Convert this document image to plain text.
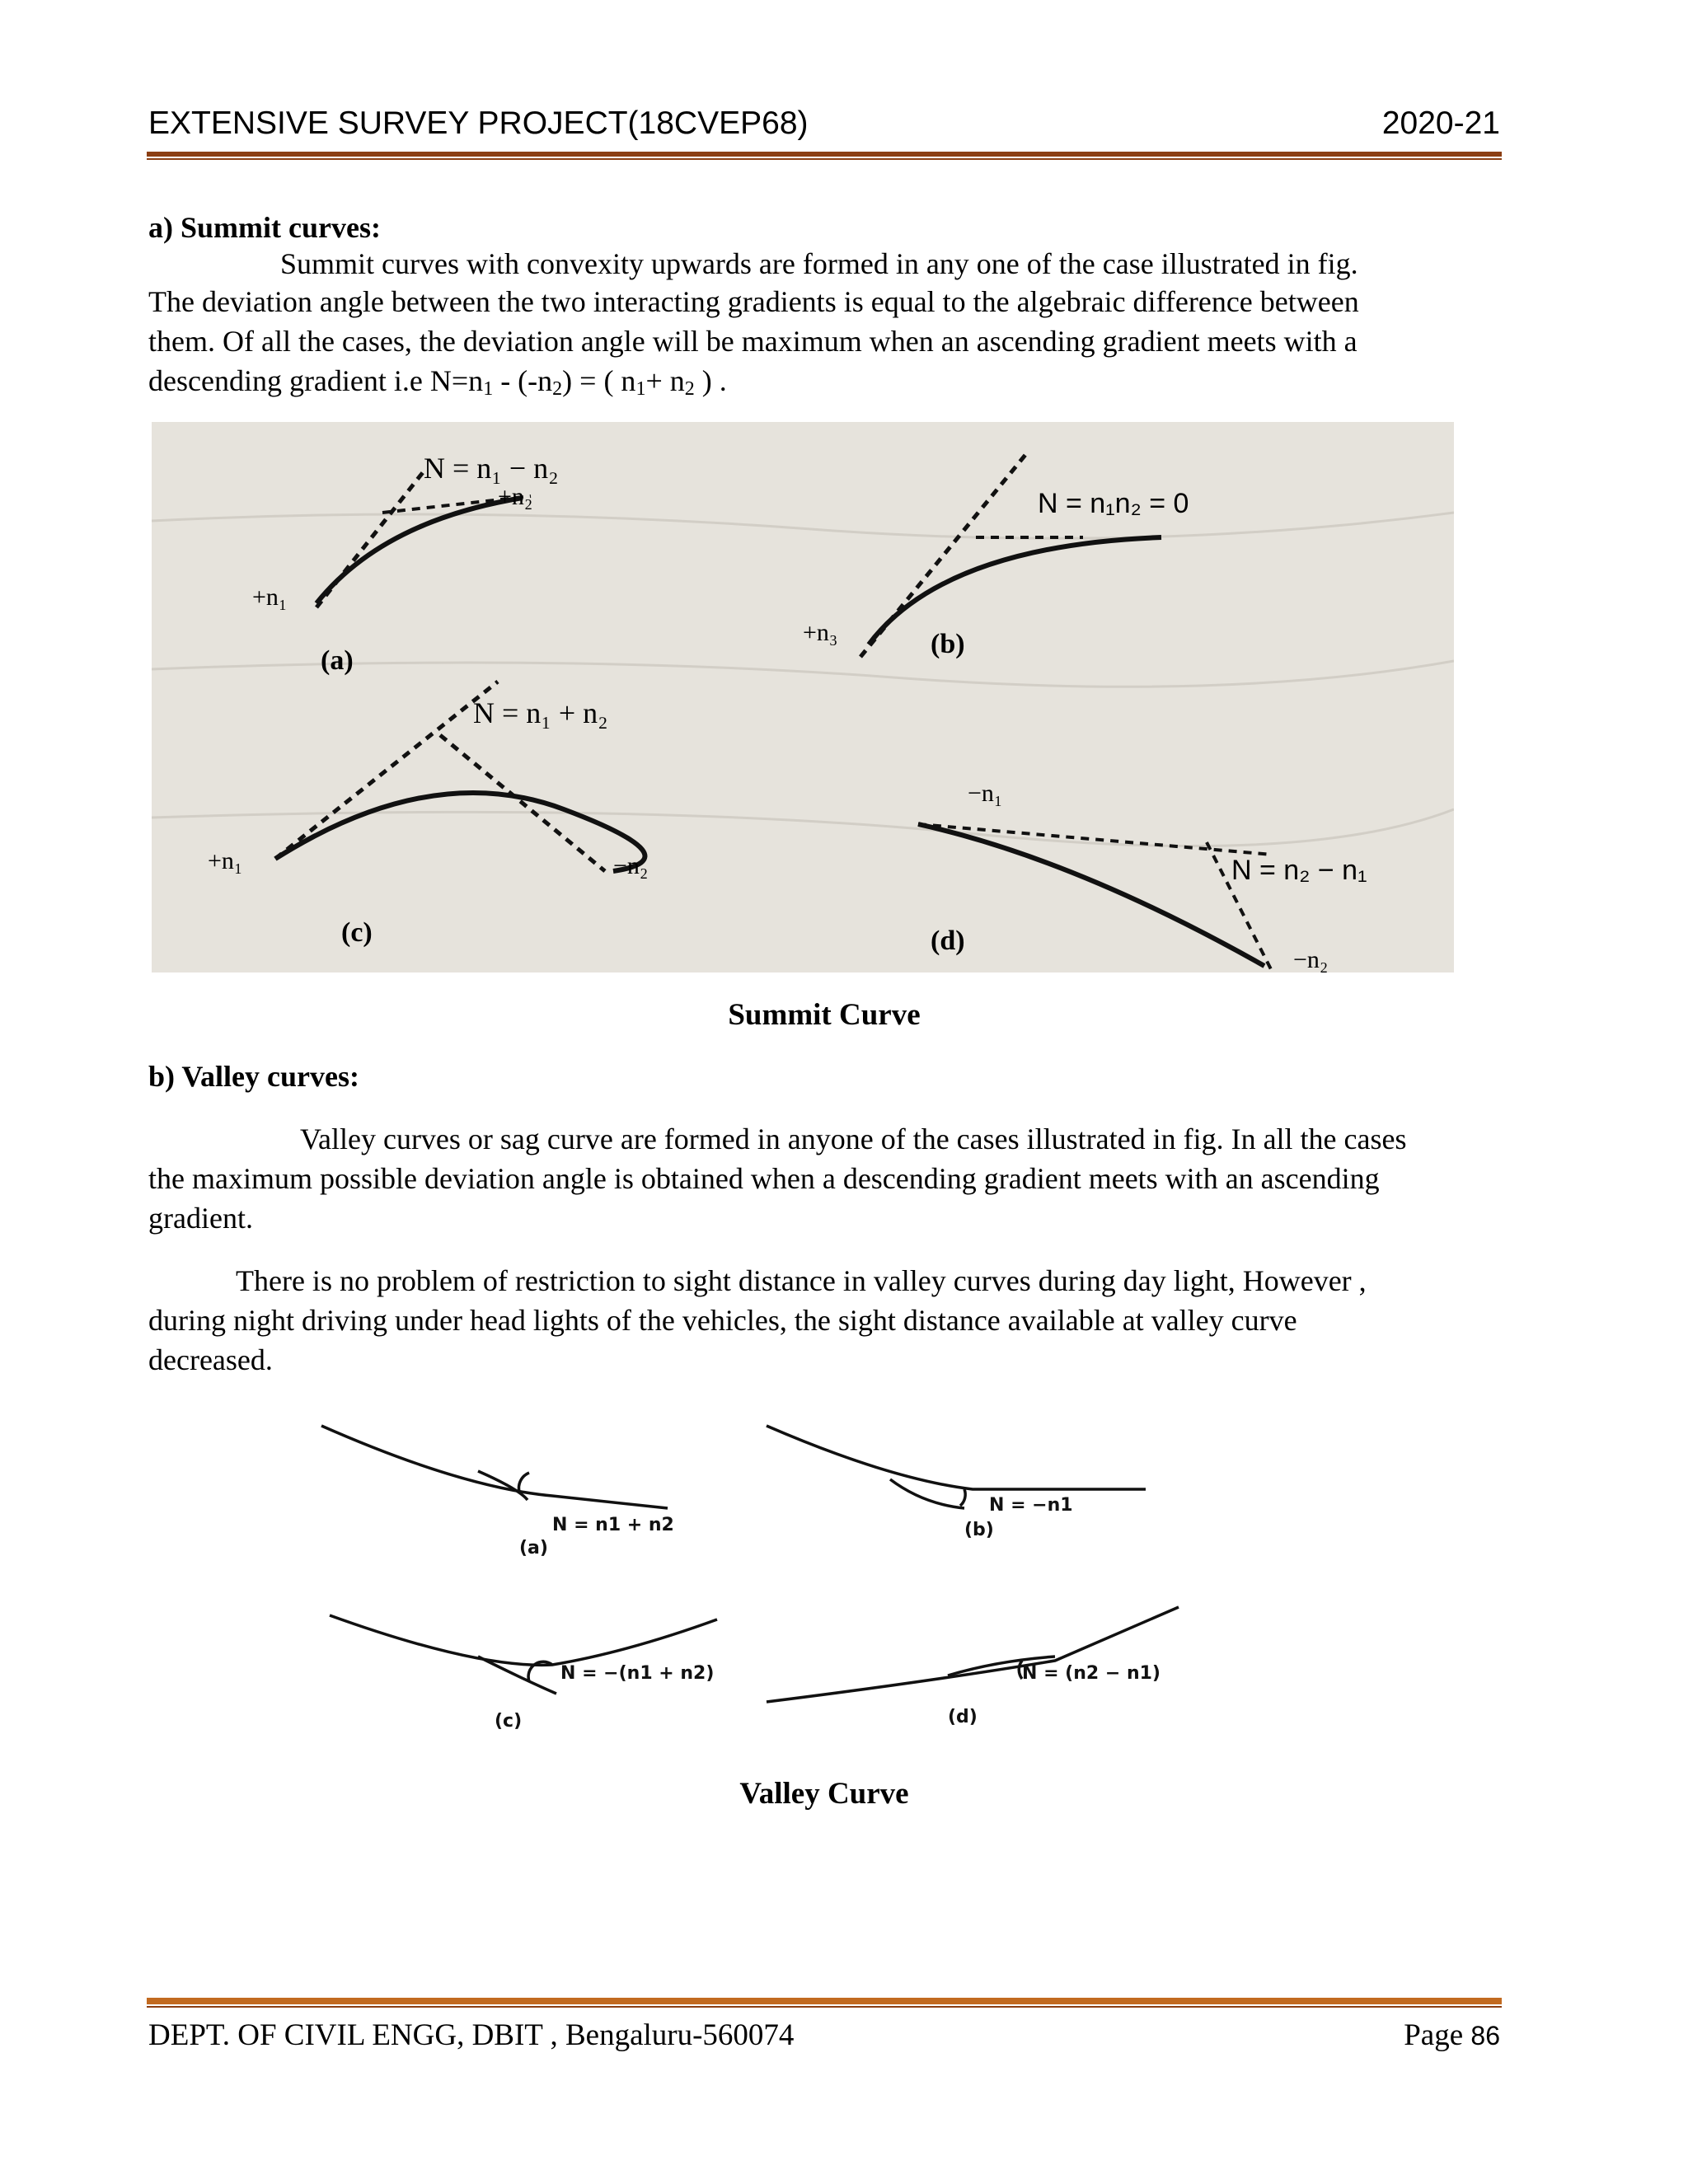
EXTENSIVE SURVEY PROJECT(18CVEP68)	2020-21
a) Summit curves:
Summit curves with convexity upwards are formed in any one of the case illustrated in fig.
The deviation angle between the two interacting gradients is equal to the algebraic difference between
them. Of all the cases, the deviation angle will be maximum when an ascending gradient meets with a
descending gradient i.e $N=n_1 - (-n_2)$ = ( $n_1+ n_2$ ) .
N = n₁ − n₂
+n₂
+n₁
(a)
N = n₁n₂ = 0
+n₃	(b)
N = n₁ + n₂
+n₁	−n₂
(c)
N = n₂ − n₁
−n₁
−n₂
(d)
Summit Curve
b) Valley curves:
Valley curves or sag curve are formed in anyone of the cases illustrated in fig. In all the cases
the maximum possible deviation angle is obtained when a descending gradient meets with an ascending
gradient.
There is no problem of restriction to sight distance in valley curves during day light, However ,
during night driving under head lights of the vehicles, the sight distance available at valley curve
decreased.
N = n1 + n2
(a)
N = −n1
(b)
N = −(n1 + n2)
(c)
N = (n2 − n1)
(d)
Valley Curve
DEPT. OF CIVIL ENGG, DBIT , Bengaluru-560074	Page 86
